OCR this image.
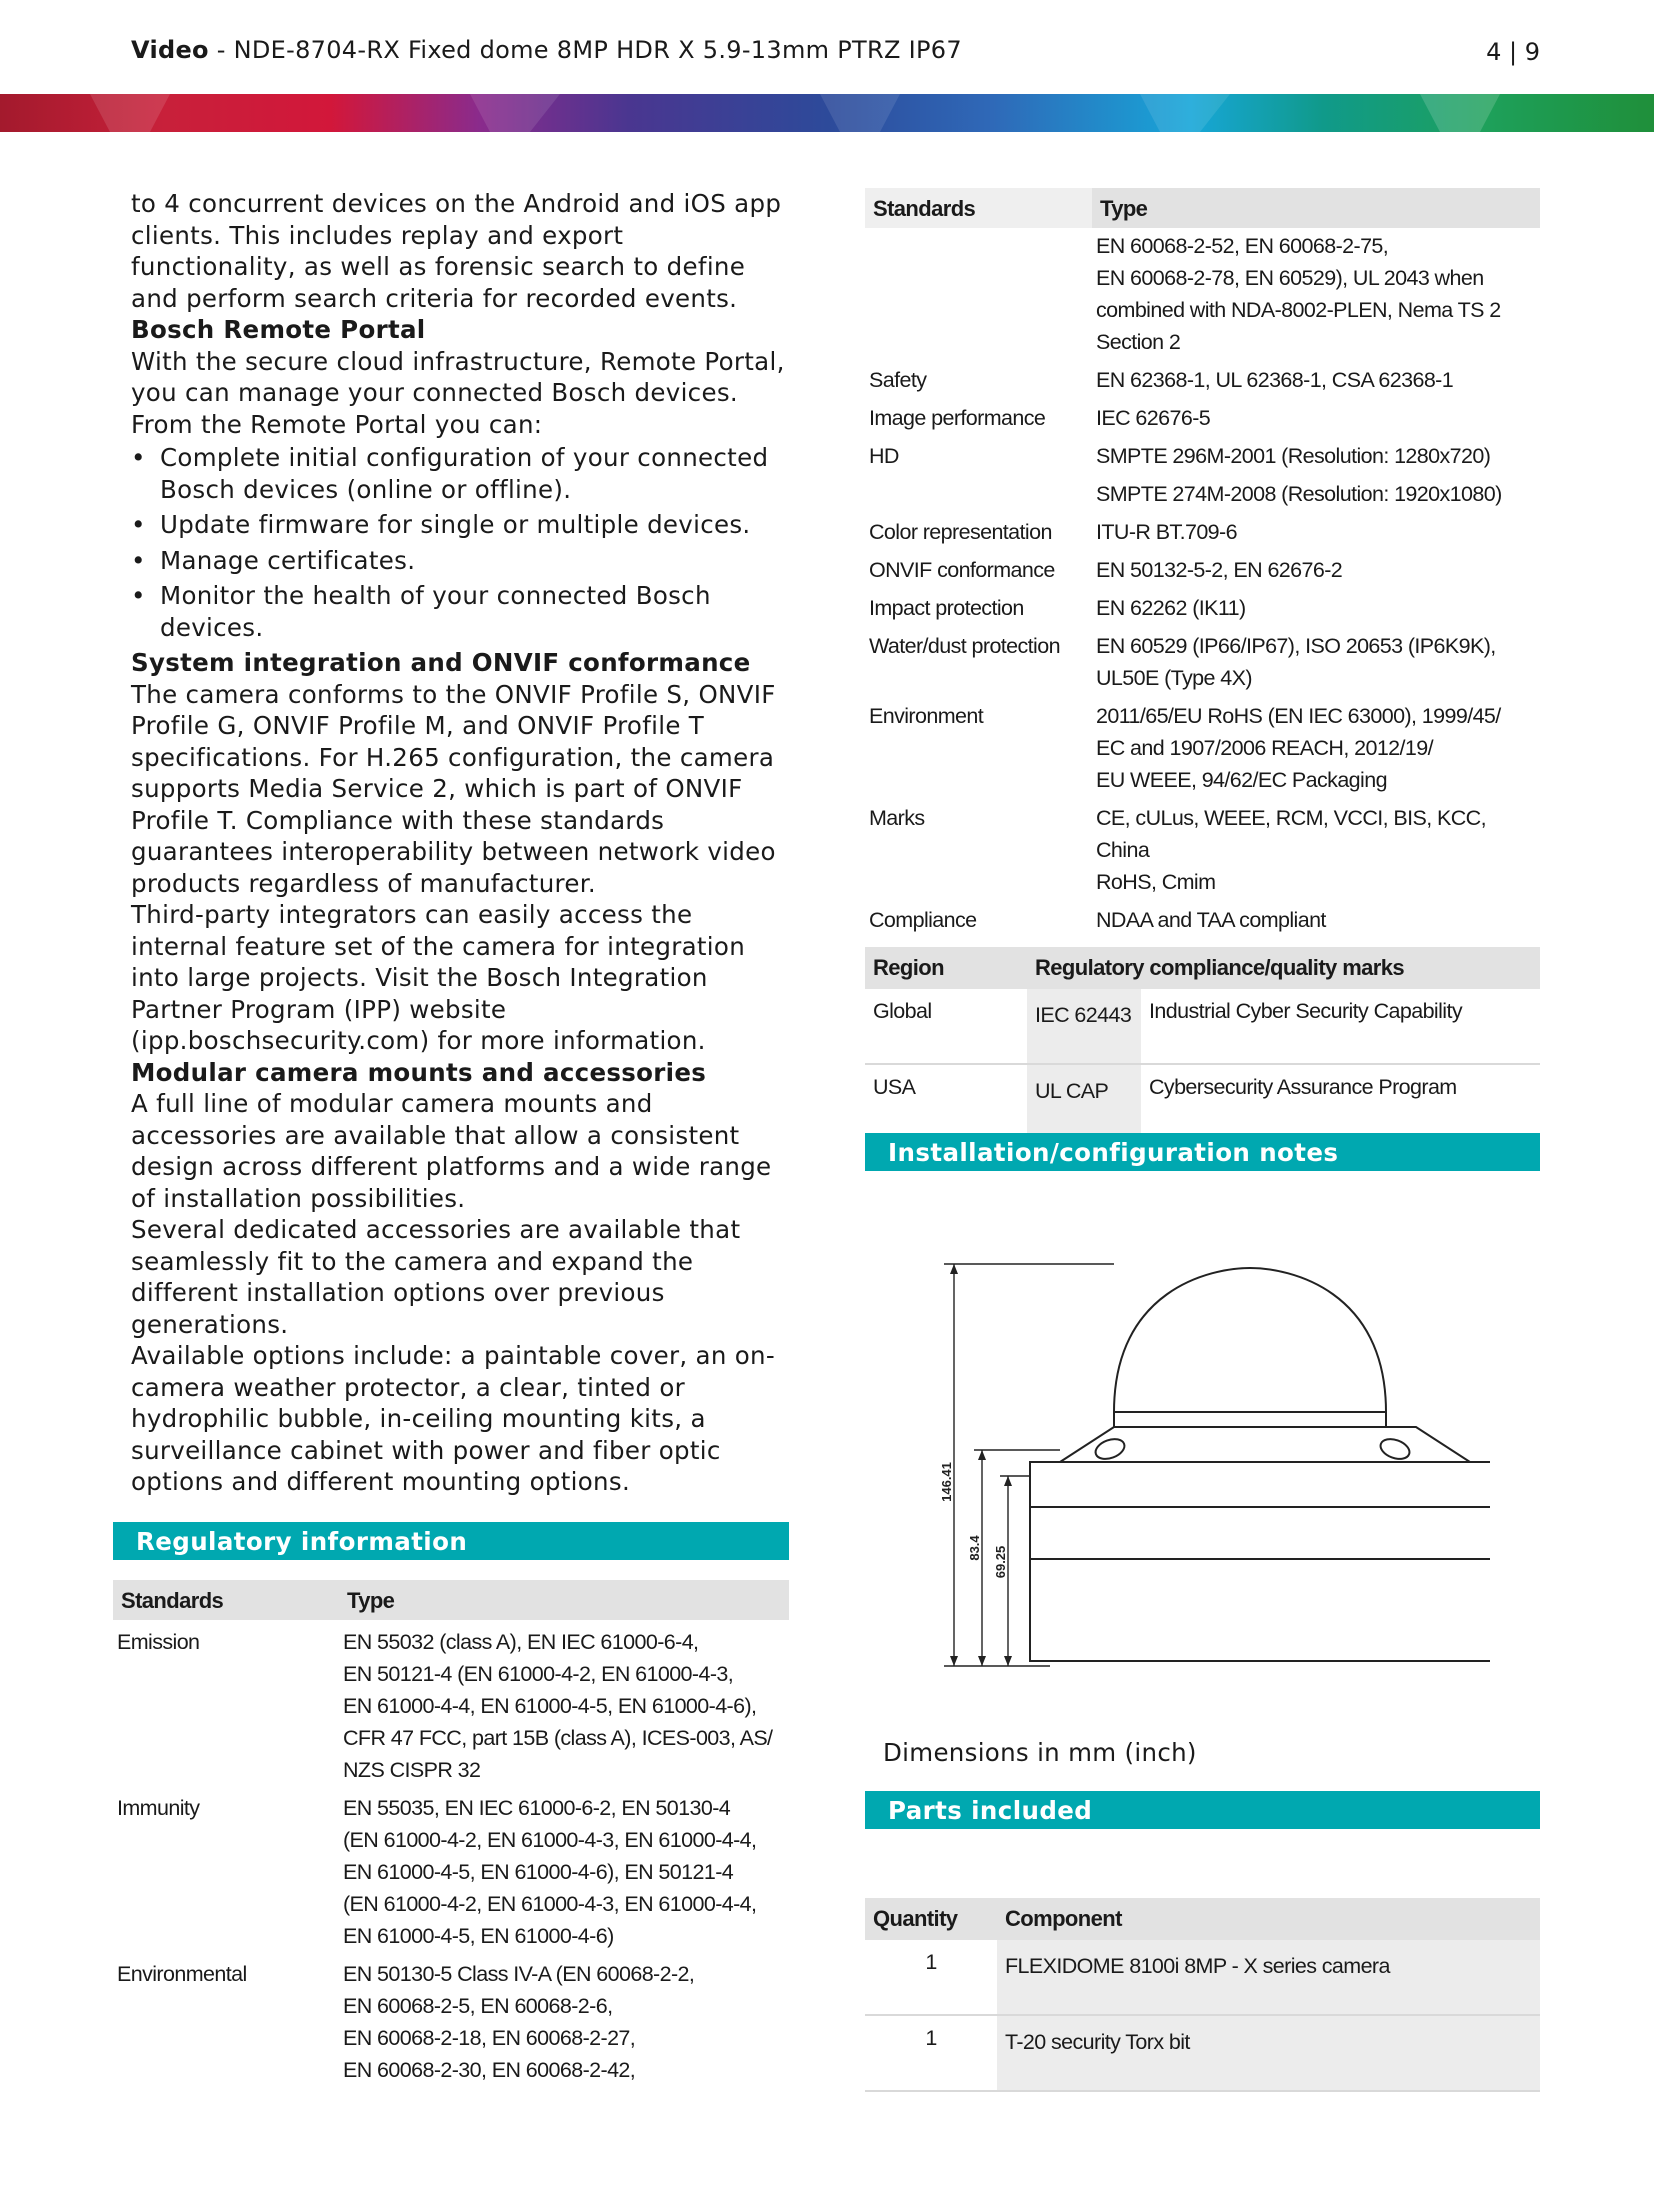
Video - NDE-8704-RX Fixed dome 8MP HDR X 5.9-13mm PTRZ IP67	4 | 9

to 4 concurrent devices on the Android and iOS app clients. This includes replay and export functionality, as well as forensic search to define and perform search criteria for recorded events.

Bosch Remote Portal

With the secure cloud infrastructure, Remote Portal, you can manage your connected Bosch devices. From the Remote Portal you can:

• Complete initial configuration of your connected Bosch devices (online or offline).
• Update firmware for single or multiple devices.
• Manage certificates.
• Monitor the health of your connected Bosch devices.

System integration and ONVIF conformance

The camera conforms to the ONVIF Profile S, ONVIF Profile G, ONVIF Profile M, and ONVIF Profile T specifications. For H.265 configuration, the camera supports Media Service 2, which is part of ONVIF Profile T. Compliance with these standards guarantees interoperability between network video products regardless of manufacturer.

Third-party integrators can easily access the internal feature set of the camera for integration into large projects. Visit the Bosch Integration Partner Program (IPP) website (ipp.boschsecurity.com) for more information.

Modular camera mounts and accessories

A full line of modular camera mounts and accessories are available that allow a consistent design across different platforms and a wide range of installation possibilities.

Several dedicated accessories are available that seamlessly fit to the camera and expand the different installation options over previous generations.

Available options include: a paintable cover, an on-camera weather protector, a clear, tinted or hydrophilic bubble, in-ceiling mounting kits, a surveillance cabinet with power and fiber optic options and different mounting options.

Regulatory information
Standards	Type
Emission	EN 55032 (class A), EN IEC 61000-6-4,
EN 50121-4 (EN 61000-4-2, EN 61000-4-3,
EN 61000-4-4, EN 61000-4-5, EN 61000-4-6),
CFR 47 FCC, part 15B (class A), ICES-003, AS/
NZS CISPR 32
Immunity	EN 55035, EN IEC 61000-6-2, EN 50130-4
(EN 61000-4-2, EN 61000-4-3, EN 61000-4-4,
EN 61000-4-5, EN 61000-4-6), EN 50121-4
(EN 61000-4-2, EN 61000-4-3, EN 61000-4-4,
EN 61000-4-5, EN 61000-4-6)
Environmental	EN 50130-5 Class IV-A (EN 60068-2-2,
EN 60068-2-5, EN 60068-2-6,
EN 60068-2-18, EN 60068-2-27,
EN 60068-2-30, EN 60068-2-42,
Standards	Type
	EN 60068-2-52, EN 60068-2-75,
EN 60068-2-78, EN 60529), UL 2043 when
combined with NDA-8002-PLEN, Nema TS 2
Section 2
Safety	EN 62368-1, UL 62368-1, CSA 62368-1
Image performance	IEC 62676-5
HD	SMPTE 296M-2001 (Resolution: 1280x720)
	SMPTE 274M-2008 (Resolution: 1920x1080)
Color representation	ITU-R BT.709-6
ONVIF conformance	EN 50132-5-2, EN 62676-2
Impact protection	EN 62262 (IK11)
Water/dust protection	EN 60529 (IP66/IP67), ISO 20653 (IP6K9K),
UL50E (Type 4X)
Environment	2011/65/EU RoHS (EN IEC 63000), 1999/45/
EC and 1907/2006 REACH, 2012/19/
EU WEEE, 94/62/EC Packaging
Marks	CE, cULus, WEEE, RCM, VCCI, BIS, KCC, China
RoHS, Cmim
Compliance	NDAA and TAA compliant
Region	Regulatory compliance/quality marks	
Global	IEC 62443	Industrial Cyber Security Capability
USA	UL CAP	Cybersecurity Assurance Program
Installation/configuration notes
146.41
83.4 69.25
Dimensions in mm (inch)
Parts included
Quantity	Component
1	FLEXIDOME 8100i 8MP - X series camera
1	T-20 security Torx bit
